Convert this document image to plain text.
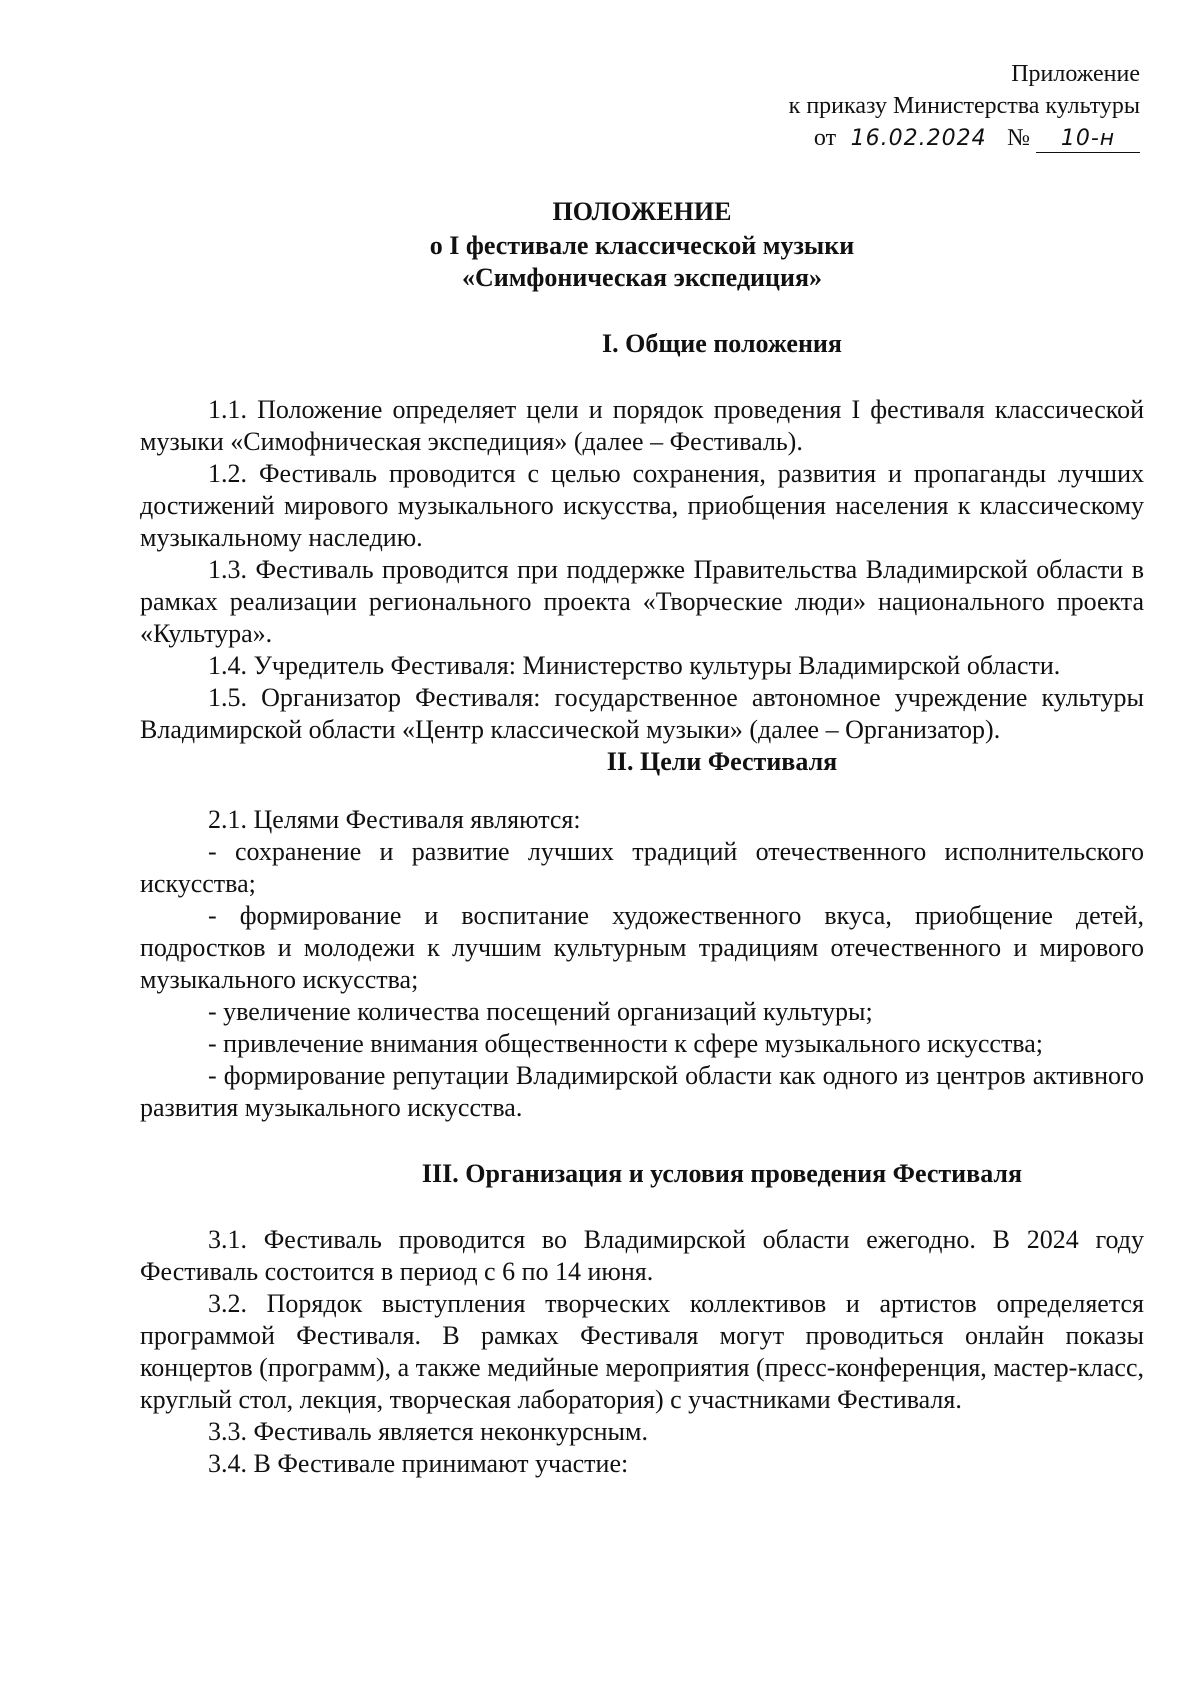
Приложение
к приказу Министерства культуры
от 16.02.2024 № 10-н
ПОЛОЖЕНИЕ
о I фестивале классической музыки
«Симфоническая экспедиция»
I. Общие положения

1.1. Положение определяет цели и порядок проведения I фестиваля классической музыки «Симофническая экспедиция» (далее – Фестиваль).

1.2. Фестиваль проводится с целью сохранения, развития и пропаганды лучших достижений мирового музыкального искусства, приобщения населения к классическому музыкальному наследию.

1.3. Фестиваль проводится при поддержке Правительства Владимирской области в рамках реализации регионального проекта «Творческие люди» национального проекта «Культура».

1.4. Учредитель Фестиваля: Министерство культуры Владимирской области.

1.5. Организатор Фестиваля: государственное автономное учреждение культуры Владимирской области «Центр классической музыки» (далее – Организатор).

II. Цели Фестиваля

2.1. Целями Фестиваля являются:

- сохранение и развитие лучших традиций отечественного исполнительского искусства;

- формирование и воспитание художественного вкуса, приобщение детей, подростков и молодежи к лучшим культурным традициям отечественного и мирового музыкального искусства;

- увеличение количества посещений организаций культуры;

- привлечение внимания общественности к сфере музыкального искусства;

- формирование репутации Владимирской области как одного из центров активного развития музыкального искусства.

III. Организация и условия проведения Фестиваля

3.1. Фестиваль проводится во Владимирской области ежегодно. В 2024 году Фестиваль состоится в период с 6 по 14 июня.

3.2. Порядок выступления творческих коллективов и артистов определяется программой Фестиваля. В рамках Фестиваля могут проводиться онлайн показы концертов (программ), а также медийные мероприятия (пресс-конференция, мастер-класс, круглый стол, лекция, творческая лаборатория) с участниками Фестиваля.

3.3. Фестиваль является неконкурсным.

3.4. В Фестивале принимают участие:
